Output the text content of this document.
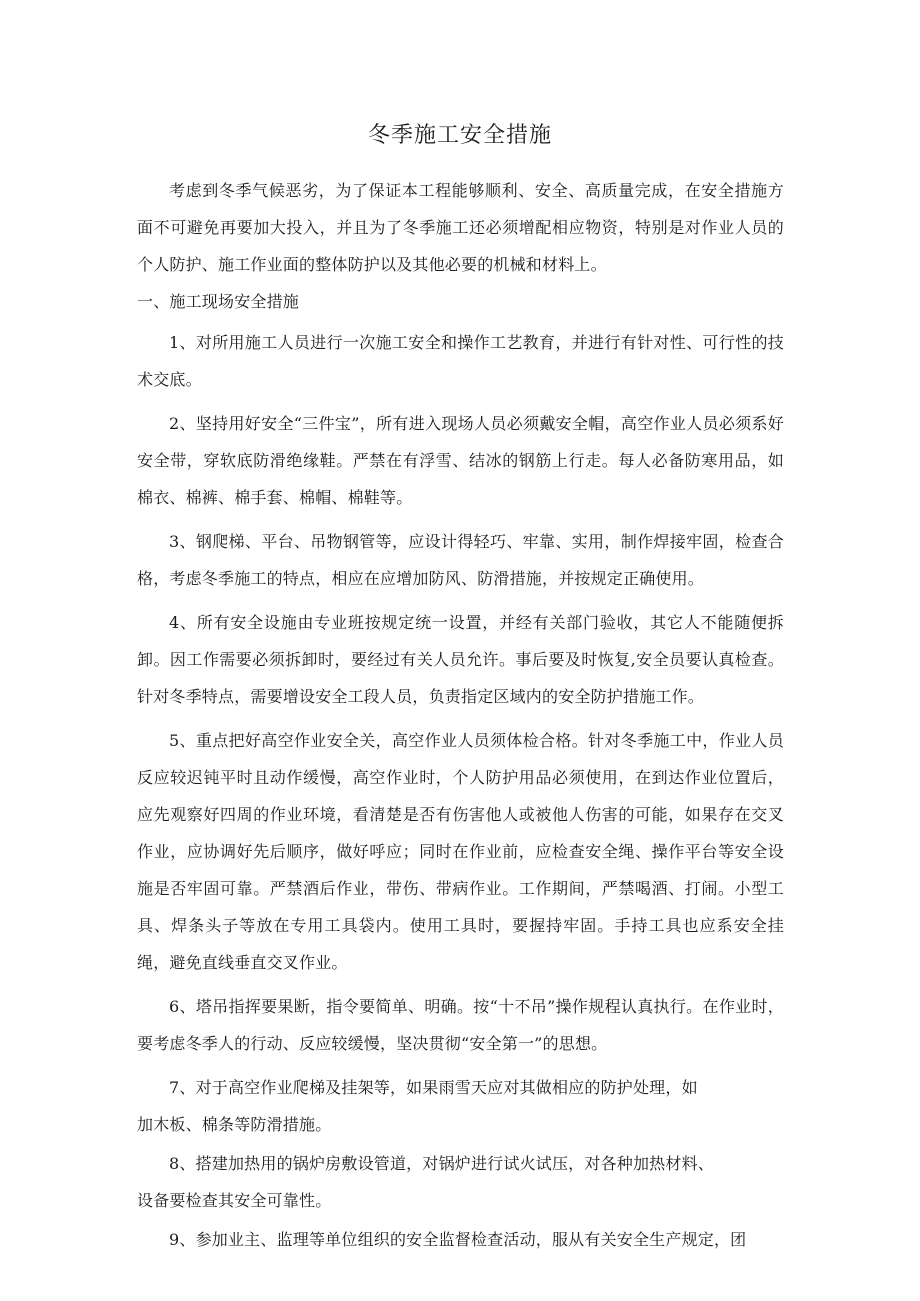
冬季施工安全措施

考虑到冬季气候恶劣，为了保证本工程能够顺利、安全、高质量完成，在安全措施方面不可避免再要加大投入，并且为了冬季施工还必须增配相应物资，特别是对作业人员的个人防护、施工作业面的整体防护以及其他必要的机械和材料上。

一、施工现场安全措施

1、对所用施工人员进行一次施工安全和操作工艺教育，并进行有针对性、可行性的技术交底。

2、坚持用好安全“三件宝”，所有进入现场人员必须戴安全帽，高空作业人员必须系好安全带，穿软底防滑绝缘鞋。严禁在有浮雪、结冰的钢筋上行走。每人必备防寒用品，如棉衣、棉裤、棉手套、棉帽、棉鞋等。

3、钢爬梯、平台、吊物钢管等，应设计得轻巧、牢靠、实用，制作焊接牢固，检查合格，考虑冬季施工的特点，相应在应增加防风、防滑措施，并按规定正确使用。

4、所有安全设施由专业班按规定统一设置，并经有关部门验收，其它人不能随便拆卸。因工作需要必须拆卸时，要经过有关人员允许。事后要及时恢复,安全员要认真检查。针对冬季特点，需要增设安全工段人员，负责指定区域内的安全防护措施工作。

5、重点把好高空作业安全关，高空作业人员须体检合格。针对冬季施工中，作业人员反应较迟钝平时且动作缓慢，高空作业时，个人防护用品必须使用，在到达作业位置后，应先观察好四周的作业环境，看清楚是否有伤害他人或被他人伤害的可能，如果存在交叉作业，应协调好先后顺序，做好呼应；同时在作业前，应检查安全绳、操作平台等安全设施是否牢固可靠。严禁酒后作业，带伤、带病作业。工作期间，严禁喝酒、打闹。小型工具、焊条头子等放在专用工具袋内。使用工具时，要握持牢固。手持工具也应系安全挂绳，避免直线垂直交叉作业。

6、塔吊指挥要果断，指令要简单、明确。按“十不吊”操作规程认真执行。在作业时，要考虑冬季人的行动、反应较缓慢，坚决贯彻“安全第一”的思想。

7、对于高空作业爬梯及挂架等，如果雨雪天应对其做相应的防护处理，如
加木板、棉条等防滑措施。
8、搭建加热用的锅炉房敷设管道，对锅炉进行试火试压，对各种加热材料、
设备要检查其安全可靠性。

9、参加业主、监理等单位组织的安全监督检查活动，服从有关安全生产规定，团
